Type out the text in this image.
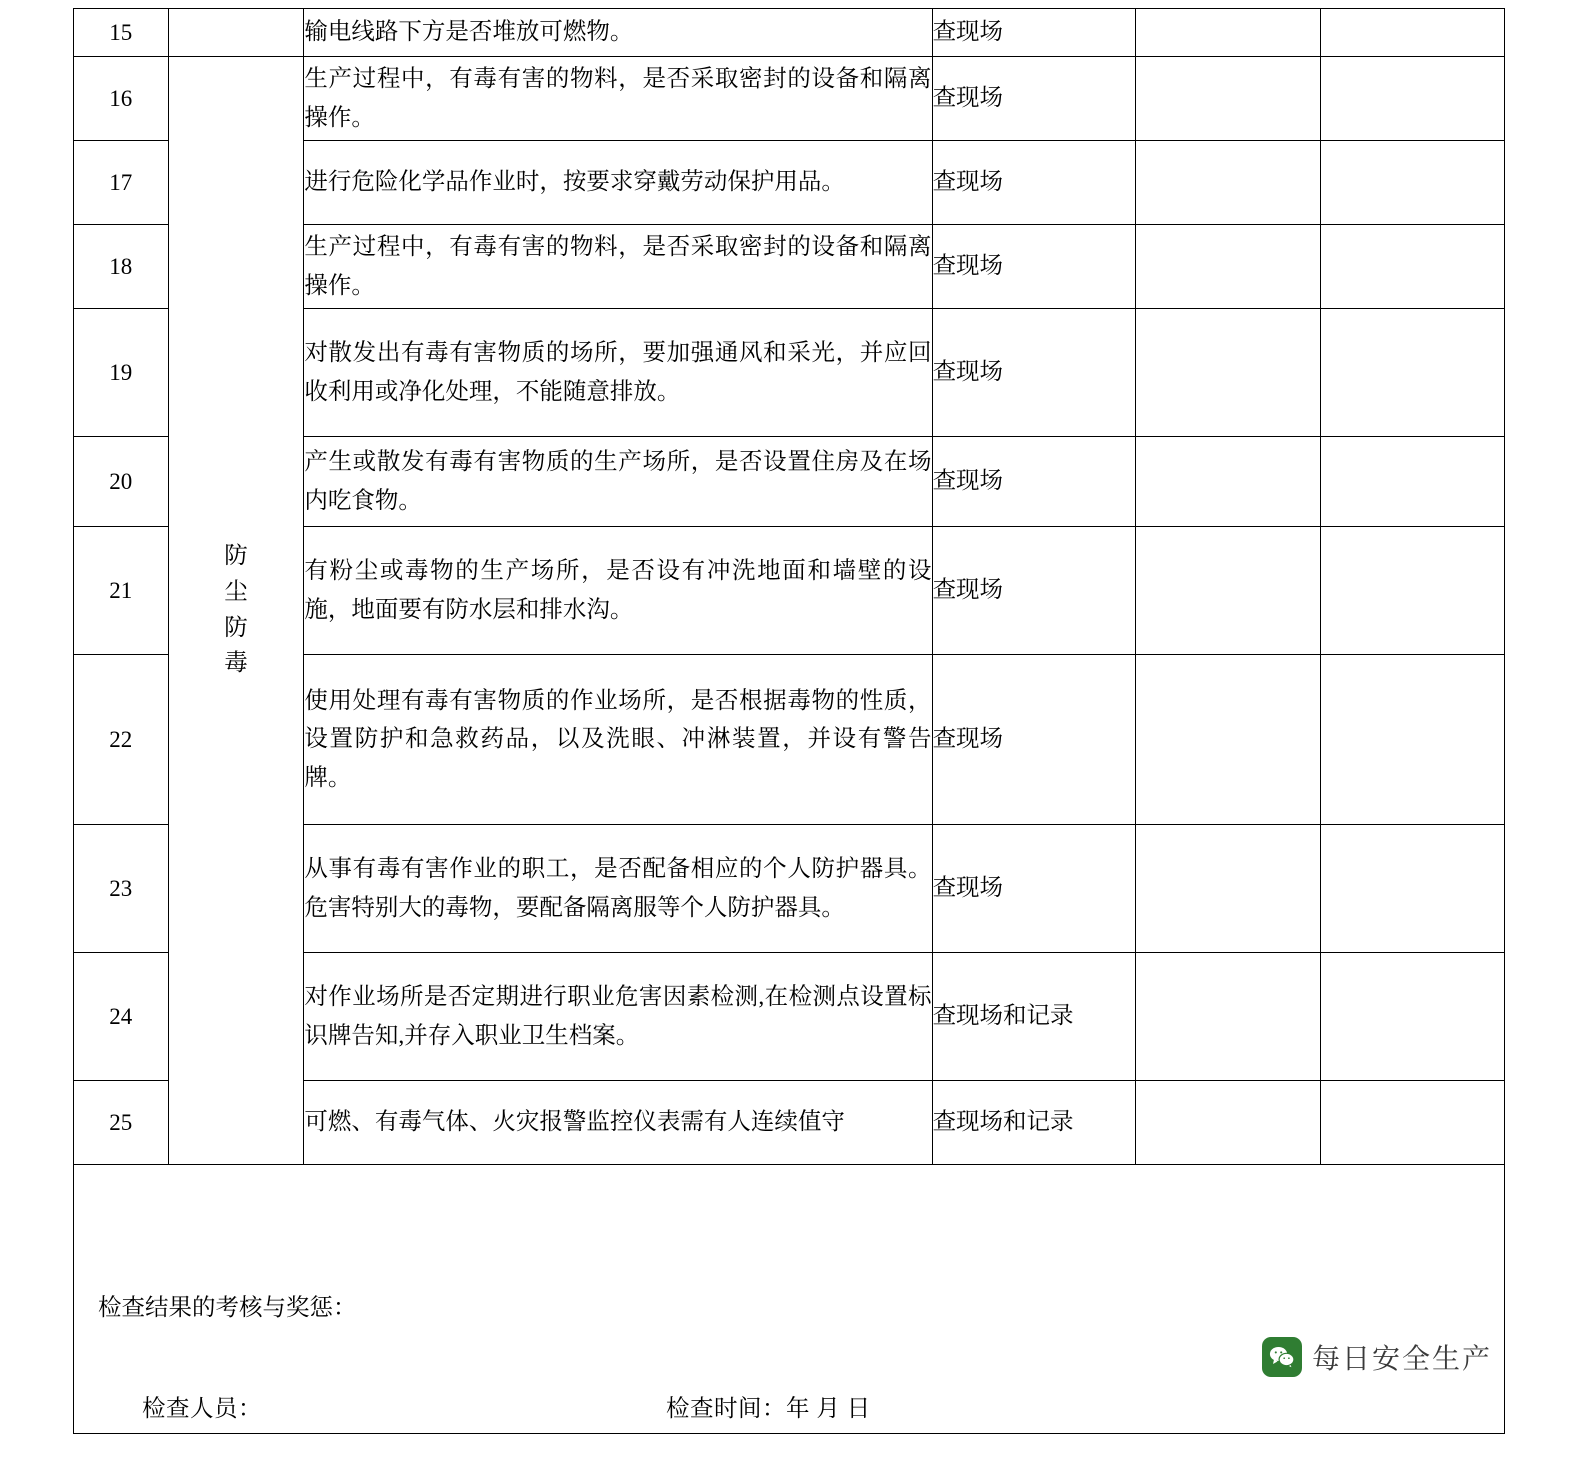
15		输电线路下方是否堆放可燃物。	查现场		
16	防尘防毒	生产过程中，有毒有害的物料，是否采取密封的设备和隔离操作。	查现场		
17		进行危险化学品作业时，按要求穿戴劳动保护用品。	查现场		
18		生产过程中，有毒有害的物料，是否采取密封的设备和隔离操作。	查现场		
19		对散发出有毒有害物质的场所，要加强通风和采光，并应回收利用或净化处理，不能随意排放。	查现场		
20		产生或散发有毒有害物质的生产场所，是否设置住房及在场内吃食物。	查现场		
21		有粉尘或毒物的生产场所，是否设有冲洗地面和墙壁的设施，地面要有防水层和排水沟。	查现场		
22		使用处理有毒有害物质的作业场所，是否根据毒物的性质，设置防护和急救药品，以及洗眼、冲淋装置，并设有警告牌。	查现场		
23		从事有毒有害作业的职工，是否配备相应的个人防护器具。危害特别大的毒物，要配备隔离服等个人防护器具。	查现场		
24		对作业场所是否定期进行职业危害因素检测,在检测点设置标识牌告知,并存入职业卫生档案。	查现场和记录		
25		可燃、有毒气体、火灾报警监控仪表需有人连续值守	查现场和记录		

检查结果的考核与奖惩：
检查人员： 检查时间：年 月 日
每日安全生产					
